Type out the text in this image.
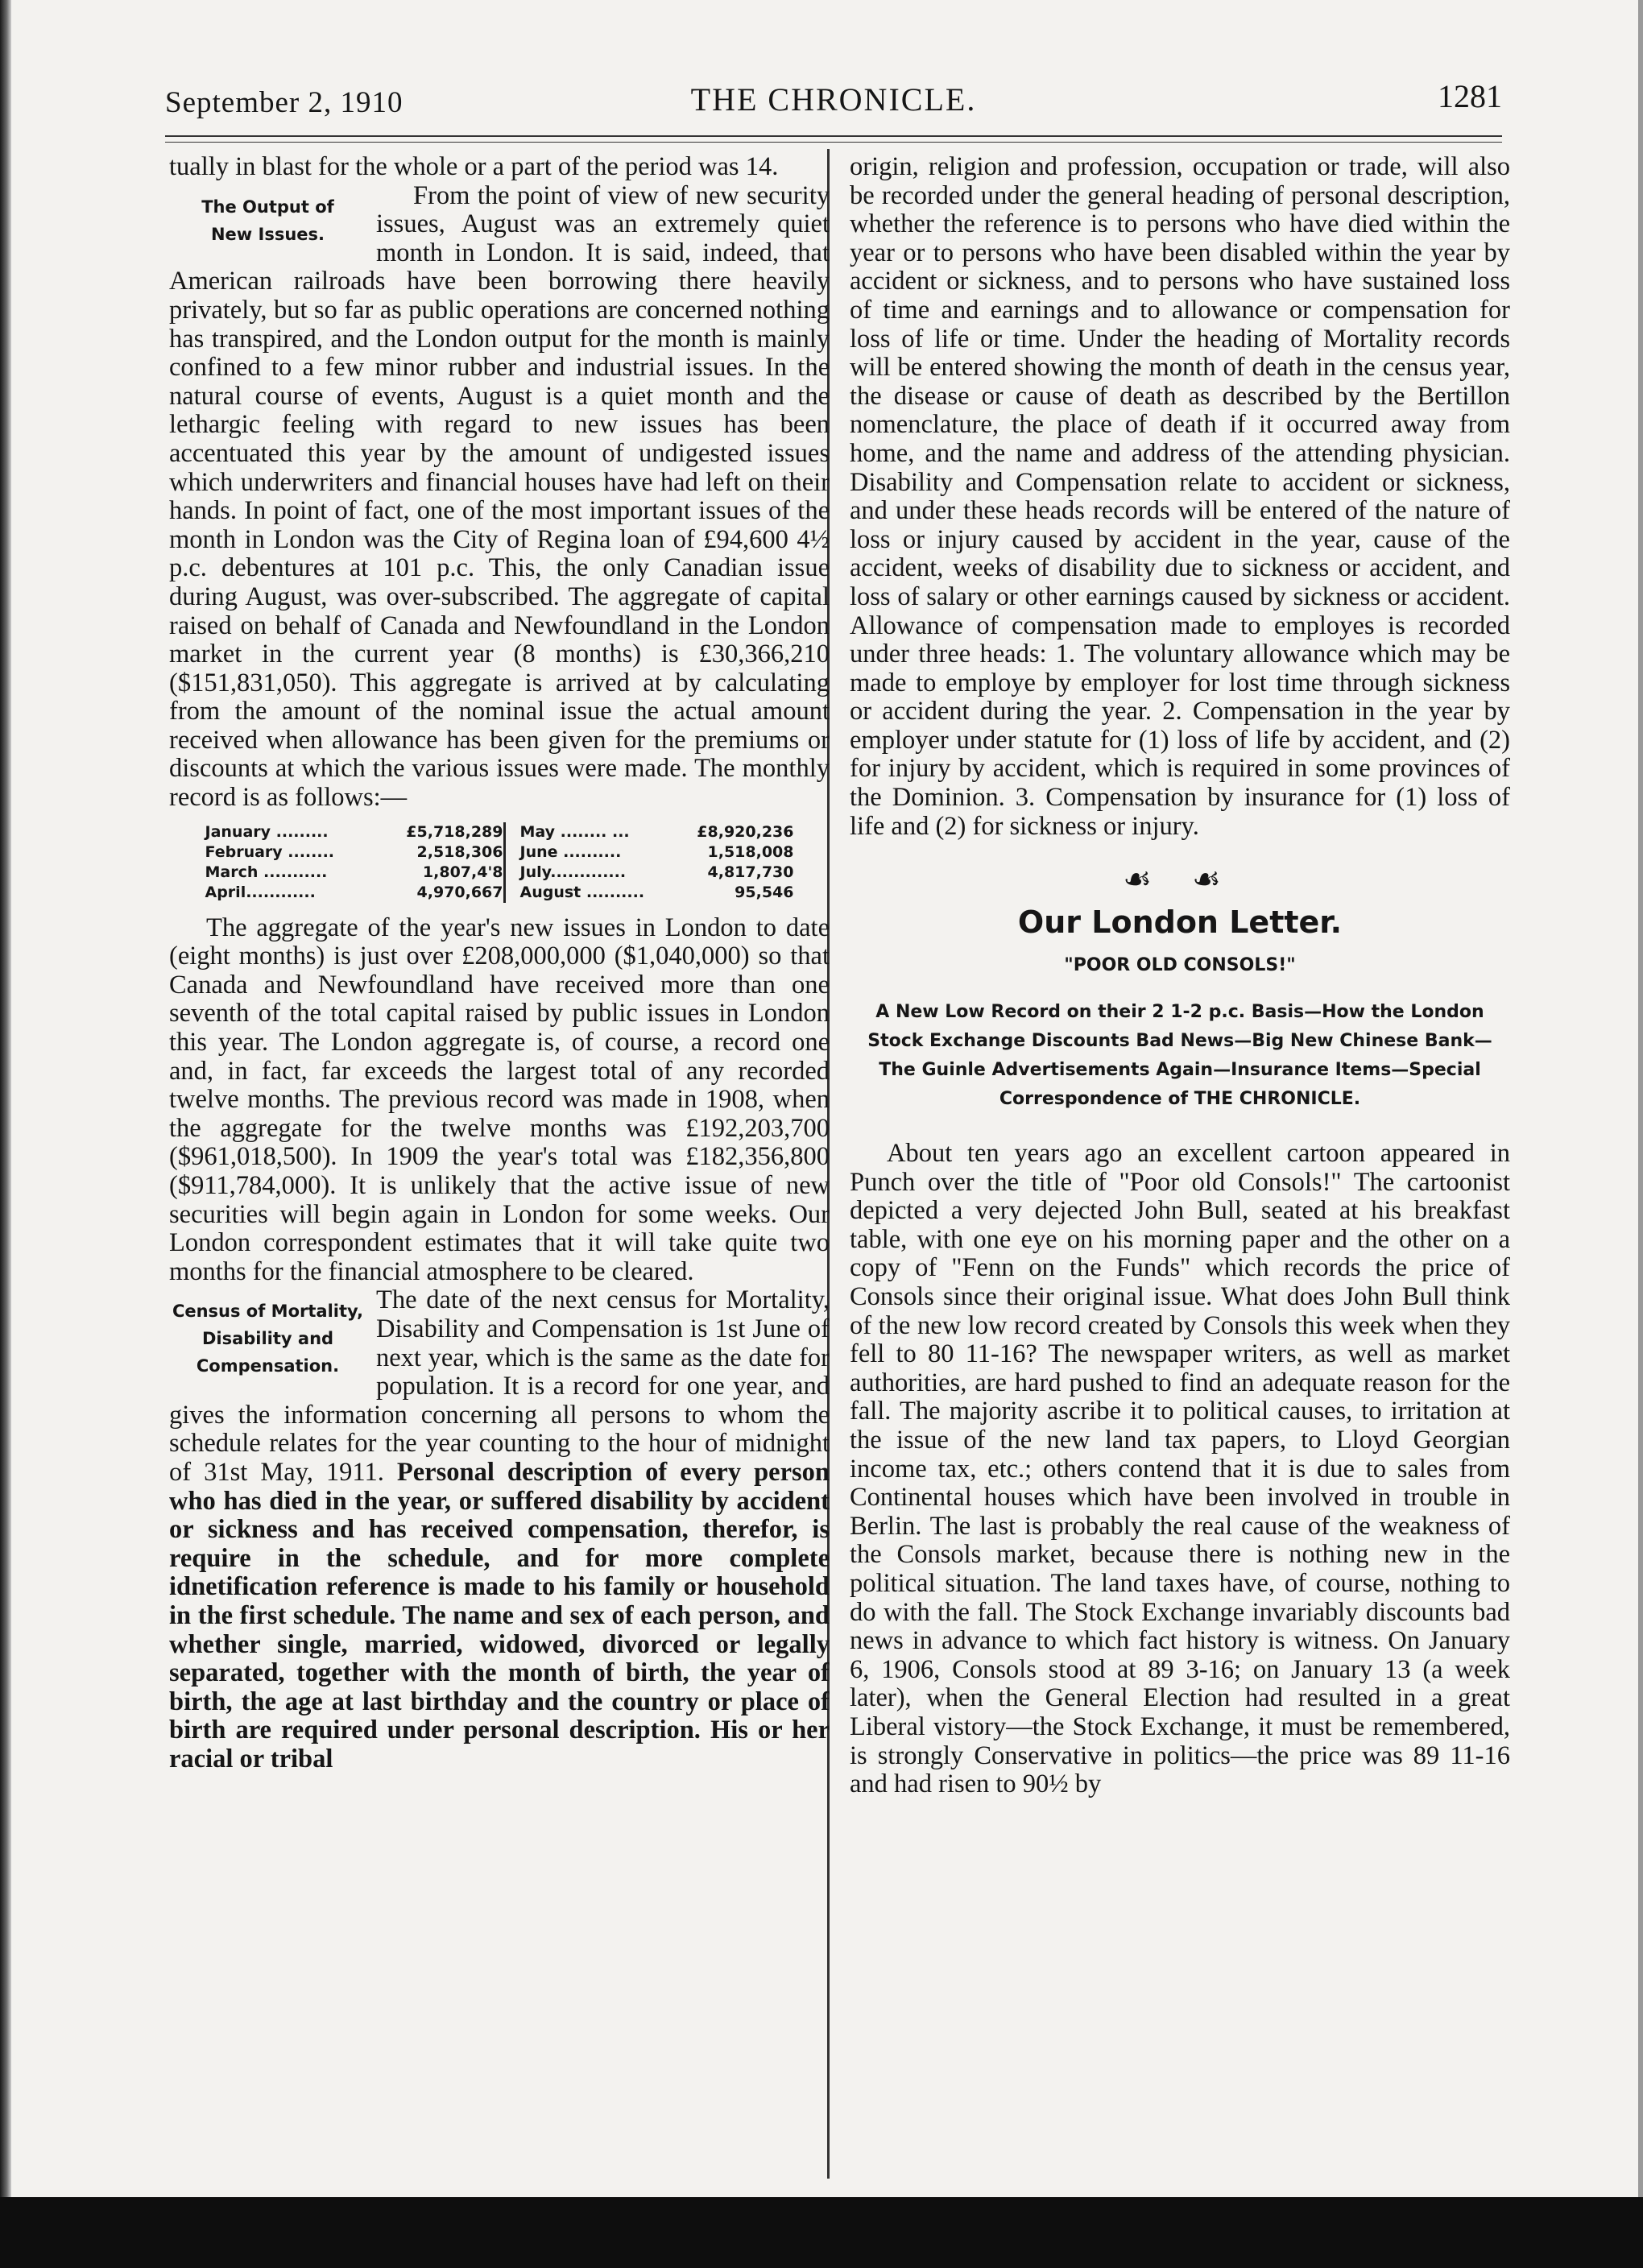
THE CHRONICLE.
September 2, 1910	1281

tually in blast for the whole or a part of the period was 14.

The Output of
New Issues.

From the point of view of new security issues, August was an extremely quiet month in London. It is said, indeed, that American railroads have been borrowing there heavily privately, but so far as public operations are concerned nothing has transpired, and the London output for the month is mainly confined to a few minor rubber and industrial issues. In the natural course of events, August is a quiet month and the lethargic feeling with regard to new issues has been accentuated this year by the amount of undigested issues which underwriters and financial houses have had left on their hands. In point of fact, one of the most important issues of the month in London was the City of Regina loan of £94,600 4½ p.c. debentures at 101 p.c. This, the only Canadian issue during August, was over-subscribed. The aggregate of capital raised on behalf of Canada and Newfoundland in the London market in the current year (8 months) is £30,366,210 ($151,831,050). This aggregate is arrived at by calculating from the amount of the nominal issue the actual amount received when allowance has been given for the premiums or discounts at which the various issues were made. The monthly record is as follows:—

January .........	£5,718,289
February ........	2,518,306
March ...........	1,807,4'8
April............	4,970,667
May ........ ...	£8,920,236
June ..........	1,518,008
July.............	4,817,730
August ..........	95,546

The aggregate of the year's new issues in London to date (eight months) is just over £208,000,000 ($1,040,000) so that Canada and Newfoundland have received more than one seventh of the total capital raised by public issues in London this year. The London aggregate is, of course, a record one and, in fact, far exceeds the largest total of any recorded twelve months. The previous record was made in 1908, when the aggregate for the twelve months was £192,203,700 ($961,018,500). In 1909 the year's total was £182,356,800 ($911,784,000). It is unlikely that the active issue of new securities will begin again in London for some weeks. Our London correspondent estimates that it will take quite two months for the financial atmosphere to be cleared.

Census of Mortality,
Disability and
Compensation.

The date of the next census for Mortality, Disability and Compensation is 1st June of next year, which is the same as the date for population. It is a record for one year, and gives the information concerning all persons to whom the schedule relates for the year counting to the hour of midnight of 31st May, 1911. Personal description of every person who has died in the year, or suffered disability by accident or sickness and has received compensation, therefor, is require in the schedule, and for more complete idnetification reference is made to his family or household in the first schedule. The name and sex of each person, and whether single, married, widowed, divorced or legally separated, together with the month of birth, the year of birth, the age at last birthday and the country or place of birth are required under personal description. His or her racial or tribal

origin, religion and profession, occupation or trade, will also be recorded under the general heading of personal description, whether the reference is to persons who have died within the year or to persons who have been disabled within the year by accident or sickness, and to persons who have sustained loss of time and earnings and to allowance or compensation for loss of life or time. Under the heading of Mortality records will be entered showing the month of death in the census year, the disease or cause of death as described by the Bertillon nomenclature, the place of death if it occurred away from home, and the name and address of the attending physician. Disability and Compensation relate to accident or sickness, and under these heads records will be entered of the nature of loss or injury caused by accident in the year, cause of the accident, weeks of disability due to sickness or accident, and loss of salary or other earnings caused by sickness or accident. Allowance of compensation made to employes is recorded under three heads: 1. The voluntary allowance which may be made to employe by employer for lost time through sickness or accident during the year. 2. Compensation in the year by employer under statute for (1) loss of life by accident, and (2) for injury by accident, which is required in some provinces of the Dominion. 3. Compensation by insurance for (1) loss of life and (2) for sickness or injury.

☙ ☙
Our London Letter.
"POOR OLD CONSOLS!"
A New Low Record on their 2 1-2 p.c. Basis—How the London Stock Exchange Discounts Bad News—Big New Chinese Bank—The Guinle Advertisements Again—Insurance Items—Special Correspondence of THE CHRONICLE.

About ten years ago an excellent cartoon appeared in Punch over the title of "Poor old Consols!" The cartoonist depicted a very dejected John Bull, seated at his breakfast table, with one eye on his morning paper and the other on a copy of "Fenn on the Funds" which records the price of Consols since their original issue. What does John Bull think of the new low record created by Consols this week when they fell to 80 11-16? The newspaper writers, as well as market authorities, are hard pushed to find an adequate reason for the fall. The majority ascribe it to political causes, to irritation at the issue of the new land tax papers, to Lloyd Georgian income tax, etc.; others contend that it is due to sales from Continental houses which have been involved in trouble in Berlin. The last is probably the real cause of the weakness of the Consols market, because there is nothing new in the political situation. The land taxes have, of course, nothing to do with the fall. The Stock Exchange invariably discounts bad news in advance to which fact history is witness. On January 6, 1906, Consols stood at 89 3-16; on January 13 (a week later), when the General Election had resulted in a great Liberal vistory—the Stock Exchange, it must be remembered, is strongly Conservative in politics—the price was 89 11-16 and had risen to 90½ by
